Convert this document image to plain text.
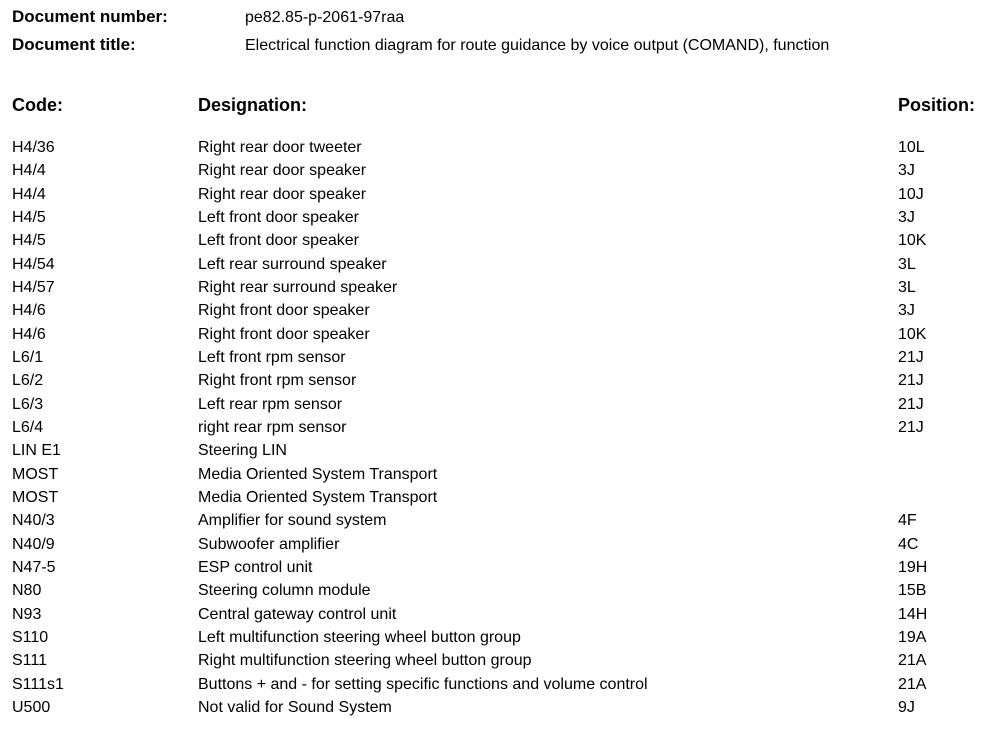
Document number:	pe82.85-p-2061-97raa
Document title:	Electrical function diagram for route guidance by voice output (COMAND), function
Code:	Designation:	Position:
H4/36	Right rear door tweeter	10L
H4/4	Right rear door speaker	3J
H4/4	Right rear door speaker	10J
H4/5	Left front door speaker	3J
H4/5	Left front door speaker	10K
H4/54	Left rear surround speaker	3L
H4/57	Right rear surround speaker	3L
H4/6	Right front door speaker	3J
H4/6	Right front door speaker	10K
L6/1	Left front rpm sensor	21J
L6/2	Right front rpm sensor	21J
L6/3	Left rear rpm sensor	21J
L6/4	right rear rpm sensor	21J
LIN E1	Steering LIN
MOST	Media Oriented System Transport
MOST	Media Oriented System Transport
N40/3	Amplifier for sound system	4F
N40/9	Subwoofer amplifier	4C
N47-5	ESP control unit	19H
N80	Steering column module	15B
N93	Central gateway control unit	14H
S110	Left multifunction steering wheel button group	19A
S111	Right multifunction steering wheel button group	21A
S111s1	Buttons + and - for setting specific functions and volume control	21A
U500	Not valid for Sound System	9J
